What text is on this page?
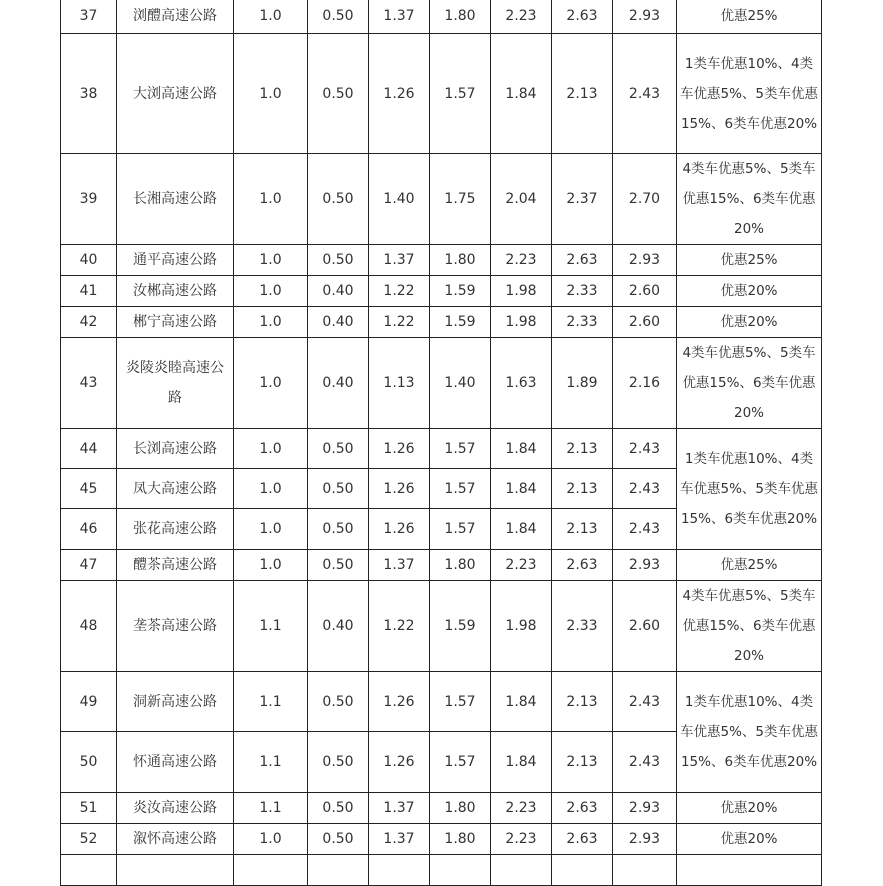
37	浏醴高速公路	1.0	0.50	1.37	1.80	2.23	2.63	2.93	优惠25%
38	大浏高速公路	1.0	0.50	1.26	1.57	1.84	2.13	2.43	1类车优惠10%、4类车优惠5%、5类车优惠15%、6类车优惠20%
39	长湘高速公路	1.0	0.50	1.40	1.75	2.04	2.37	2.70	4类车优惠5%、5类车优惠15%、6类车优惠20%
40	通平高速公路	1.0	0.50	1.37	1.80	2.23	2.63	2.93	优惠25%
41	汝郴高速公路	1.0	0.40	1.22	1.59	1.98	2.33	2.60	优惠20%
42	郴宁高速公路	1.0	0.40	1.22	1.59	1.98	2.33	2.60	优惠20%
43	炎陵炎睦高速公路	1.0	0.40	1.13	1.40	1.63	1.89	2.16	4类车优惠5%、5类车优惠15%、6类车优惠20%
44	长浏高速公路	1.0	0.50	1.26	1.57	1.84	2.13	2.43	1类车优惠10%、4类车优惠5%、5类车优惠15%、6类车优惠20%
45	凤大高速公路	1.0	0.50	1.26	1.57	1.84	2.13	2.43	
46	张花高速公路	1.0	0.50	1.26	1.57	1.84	2.13	2.43	
47	醴茶高速公路	1.0	0.50	1.37	1.80	2.23	2.63	2.93	优惠25%
48	垄茶高速公路	1.1	0.40	1.22	1.59	1.98	2.33	2.60	4类车优惠5%、5类车优惠15%、6类车优惠20%
49	洞新高速公路	1.1	0.50	1.26	1.57	1.84	2.13	2.43	1类车优惠10%、4类车优惠5%、5类车优惠15%、6类车优惠20%
50	怀通高速公路	1.1	0.50	1.26	1.57	1.84	2.13	2.43	
51	炎汝高速公路	1.1	0.50	1.37	1.80	2.23	2.63	2.93	优惠20%
52	溆怀高速公路	1.0	0.50	1.37	1.80	2.23	2.63	2.93	优惠20%
